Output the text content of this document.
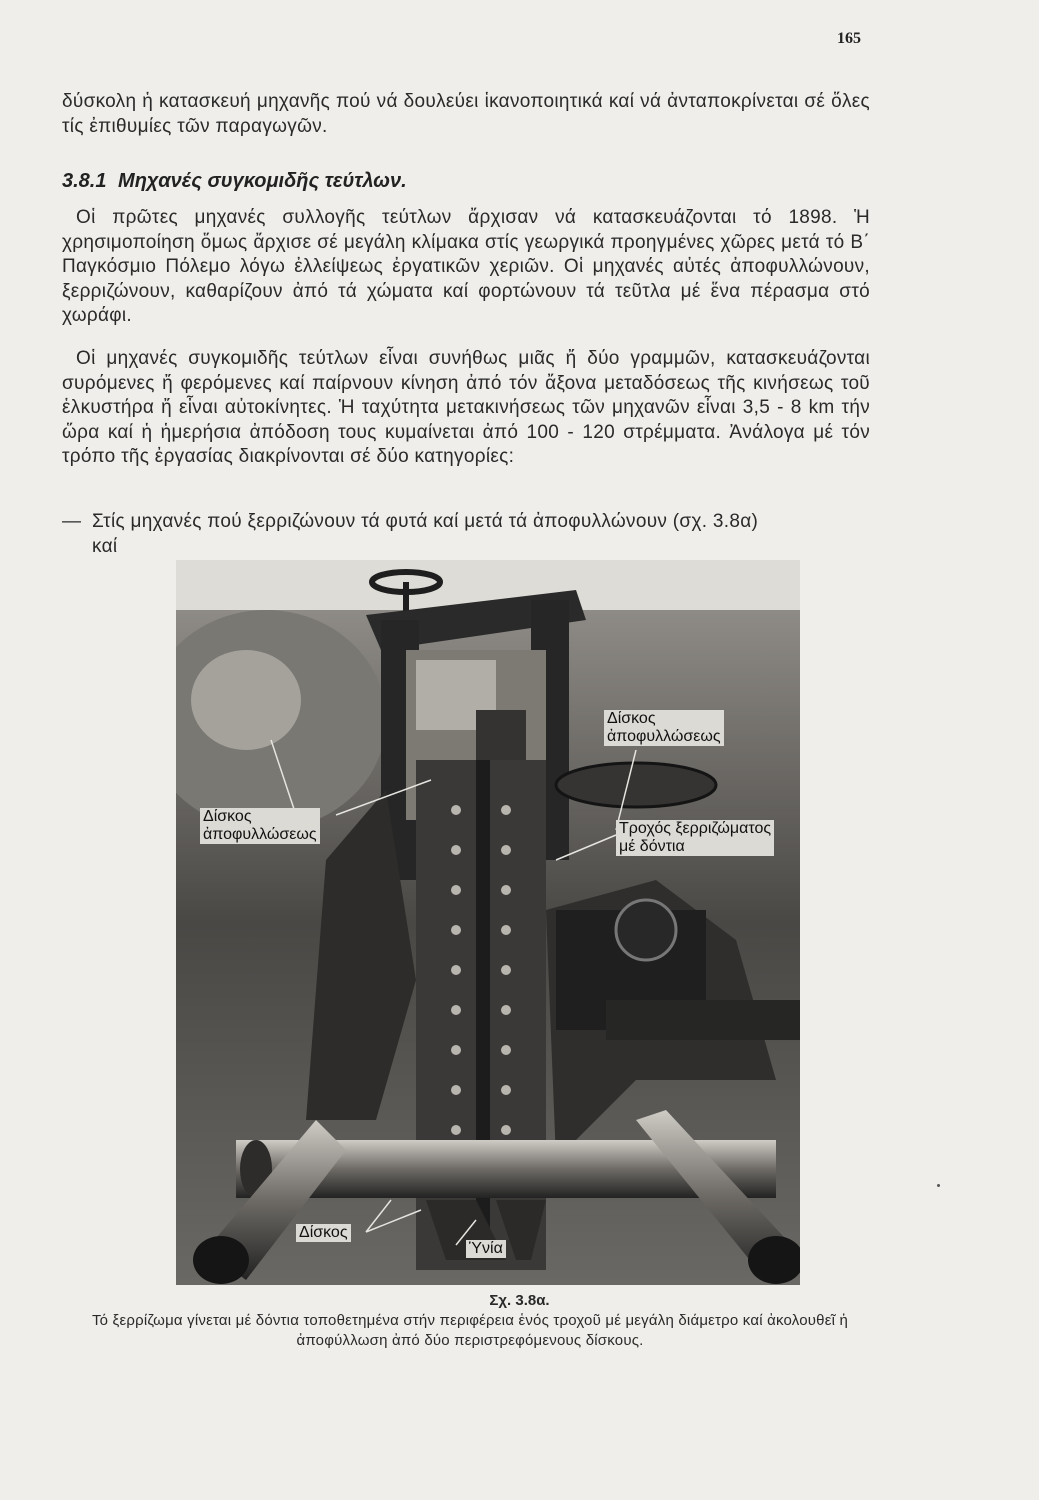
165
δύσκολη ἡ κατασκευή μηχανῆς πού νά δουλεύει ἱκανοποιητικά καί νά ἀνταποκρίνεται σέ ὅλες τίς ἐπιθυμίες τῶν παραγωγῶν.
3.8.1 Μηχανές συγκομιδῆς τεύτλων.
Οἱ πρῶτες μηχανές συλλογῆς τεύτλων ἄρχισαν νά κατασκευάζονται τό 1898. Ἡ χρησιμοποίηση ὅμως ἄρχισε σέ μεγάλη κλίμακα στίς γεωργικά προηγμένες χῶρες μετά τό Β΄ Παγκόσμιο Πόλεμο λόγω ἐλλείψεως ἐργατικῶν χεριῶν. Οἱ μηχανές αὐτές ἀποφυλλώνουν, ξερριζώνουν, καθαρίζουν ἀπό τά χώματα καί φορτώνουν τά τεῦτλα μέ ἕνα πέρασμα στό χωράφι.
Οἱ μηχανές συγκομιδῆς τεύτλων εἶναι συνήθως μιᾶς ἤ δύο γραμμῶν, κατασκευάζονται συρόμενες ἤ φερόμενες καί παίρνουν κίνηση ἀπό τόν ἄξονα μεταδόσεως τῆς κινήσεως τοῦ ἑλκυστήρα ἤ εἶναι αὐτοκίνητες. Ἡ ταχύτητα μετακινήσεως τῶν μηχανῶν εἶναι 3,5 - 8 km τήν ὥρα καί ἡ ἡμερήσια ἀπόδοση τους κυμαίνεται ἀπό 100 - 120 στρέμματα. Ἀνάλογα μέ τόν τρόπο τῆς ἐργασίας διακρίνονται σέ δύο κατηγορίες:
— Στίς μηχανές πού ξερριζώνουν τά φυτά καί μετά τά ἀποφυλλώνουν (σχ. 3.8α)
καί
Δίσκος
ἀποφυλλώσεως
Δίσκος
ἀποφυλλώσεως	Τροχός ξερριζώματος
μέ δόντια
Δίσκος
Ὑνία
Σχ. 3.8α.
Τό ξερρίζωμα γίνεται μέ δόντια τοποθετημένα στήν περιφέρεια ἑνός τροχοῦ μέ μεγάλη διάμετρο καί ἀκολουθεῖ ἡ ἀποφύλλωση ἀπό δύο περιστρεφόμενους δίσκους.
